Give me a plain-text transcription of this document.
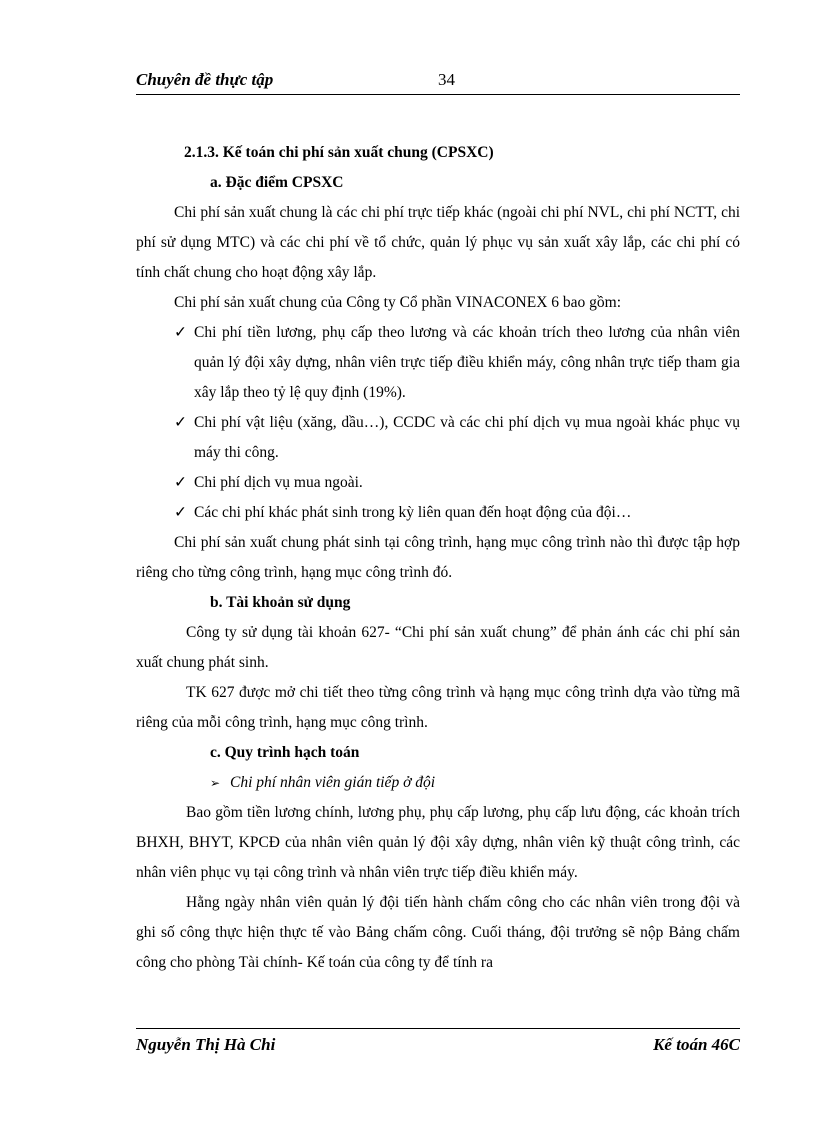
Chuyên đề thực tập	34

2.1.3. Kế toán chi phí sản xuất chung (CPSXC)

a. Đặc điểm CPSXC

Chi phí sản xuất chung là các chi phí trực tiếp khác (ngoài chi phí NVL, chi phí NCTT, chi phí sử dụng MTC) và các chi phí về tổ chức, quản lý phục vụ sản xuất xây lắp, các chi phí có tính chất chung cho hoạt động xây lắp.

Chi phí sản xuất chung của Công ty Cổ phần VINACONEX 6 bao gồm:

✓ Chi phí tiền lương, phụ cấp theo lương và các khoản trích theo lương của nhân viên quản lý đội xây dựng, nhân viên trực tiếp điều khiển máy, công nhân trực tiếp tham gia xây lắp theo tỷ lệ quy định (19%).

✓ Chi phí vật liệu (xăng, dầu…), CCDC và các chi phí dịch vụ mua ngoài khác phục vụ máy thi công.

✓ Chi phí dịch vụ mua ngoài.

✓ Các chi phí khác phát sinh trong kỳ liên quan đến hoạt động của đội…

Chi phí sản xuất chung phát sinh tại công trình, hạng mục công trình nào thì được tập hợp riêng cho từng công trình, hạng mục công trình đó.

b. Tài khoản sử dụng

Công ty sử dụng tài khoản 627- “Chi phí sản xuất chung” để phản ánh các chi phí sản xuất chung phát sinh.

TK 627 được mở chi tiết theo từng công trình và hạng mục công trình dựa vào từng mã riêng của mỗi công trình, hạng mục công trình.

c. Quy trình hạch toán

➢ Chi phí nhân viên gián tiếp ở đội

Bao gồm tiền lương chính, lương phụ, phụ cấp lương, phụ cấp lưu động, các khoản trích BHXH, BHYT, KPCĐ của nhân viên quản lý đội xây dựng, nhân viên kỹ thuật công trình, các nhân viên phục vụ tại công trình và nhân viên trực tiếp điều khiển máy.

Hằng ngày nhân viên quản lý đội tiến hành chấm công cho các nhân viên trong đội và ghi số công thực hiện thực tế vào Bảng chấm công. Cuối tháng, đội trưởng sẽ nộp Bảng chấm công cho phòng Tài chính- Kế toán của công ty để tính ra

Nguyễn Thị Hà Chi	Kế toán 46C
